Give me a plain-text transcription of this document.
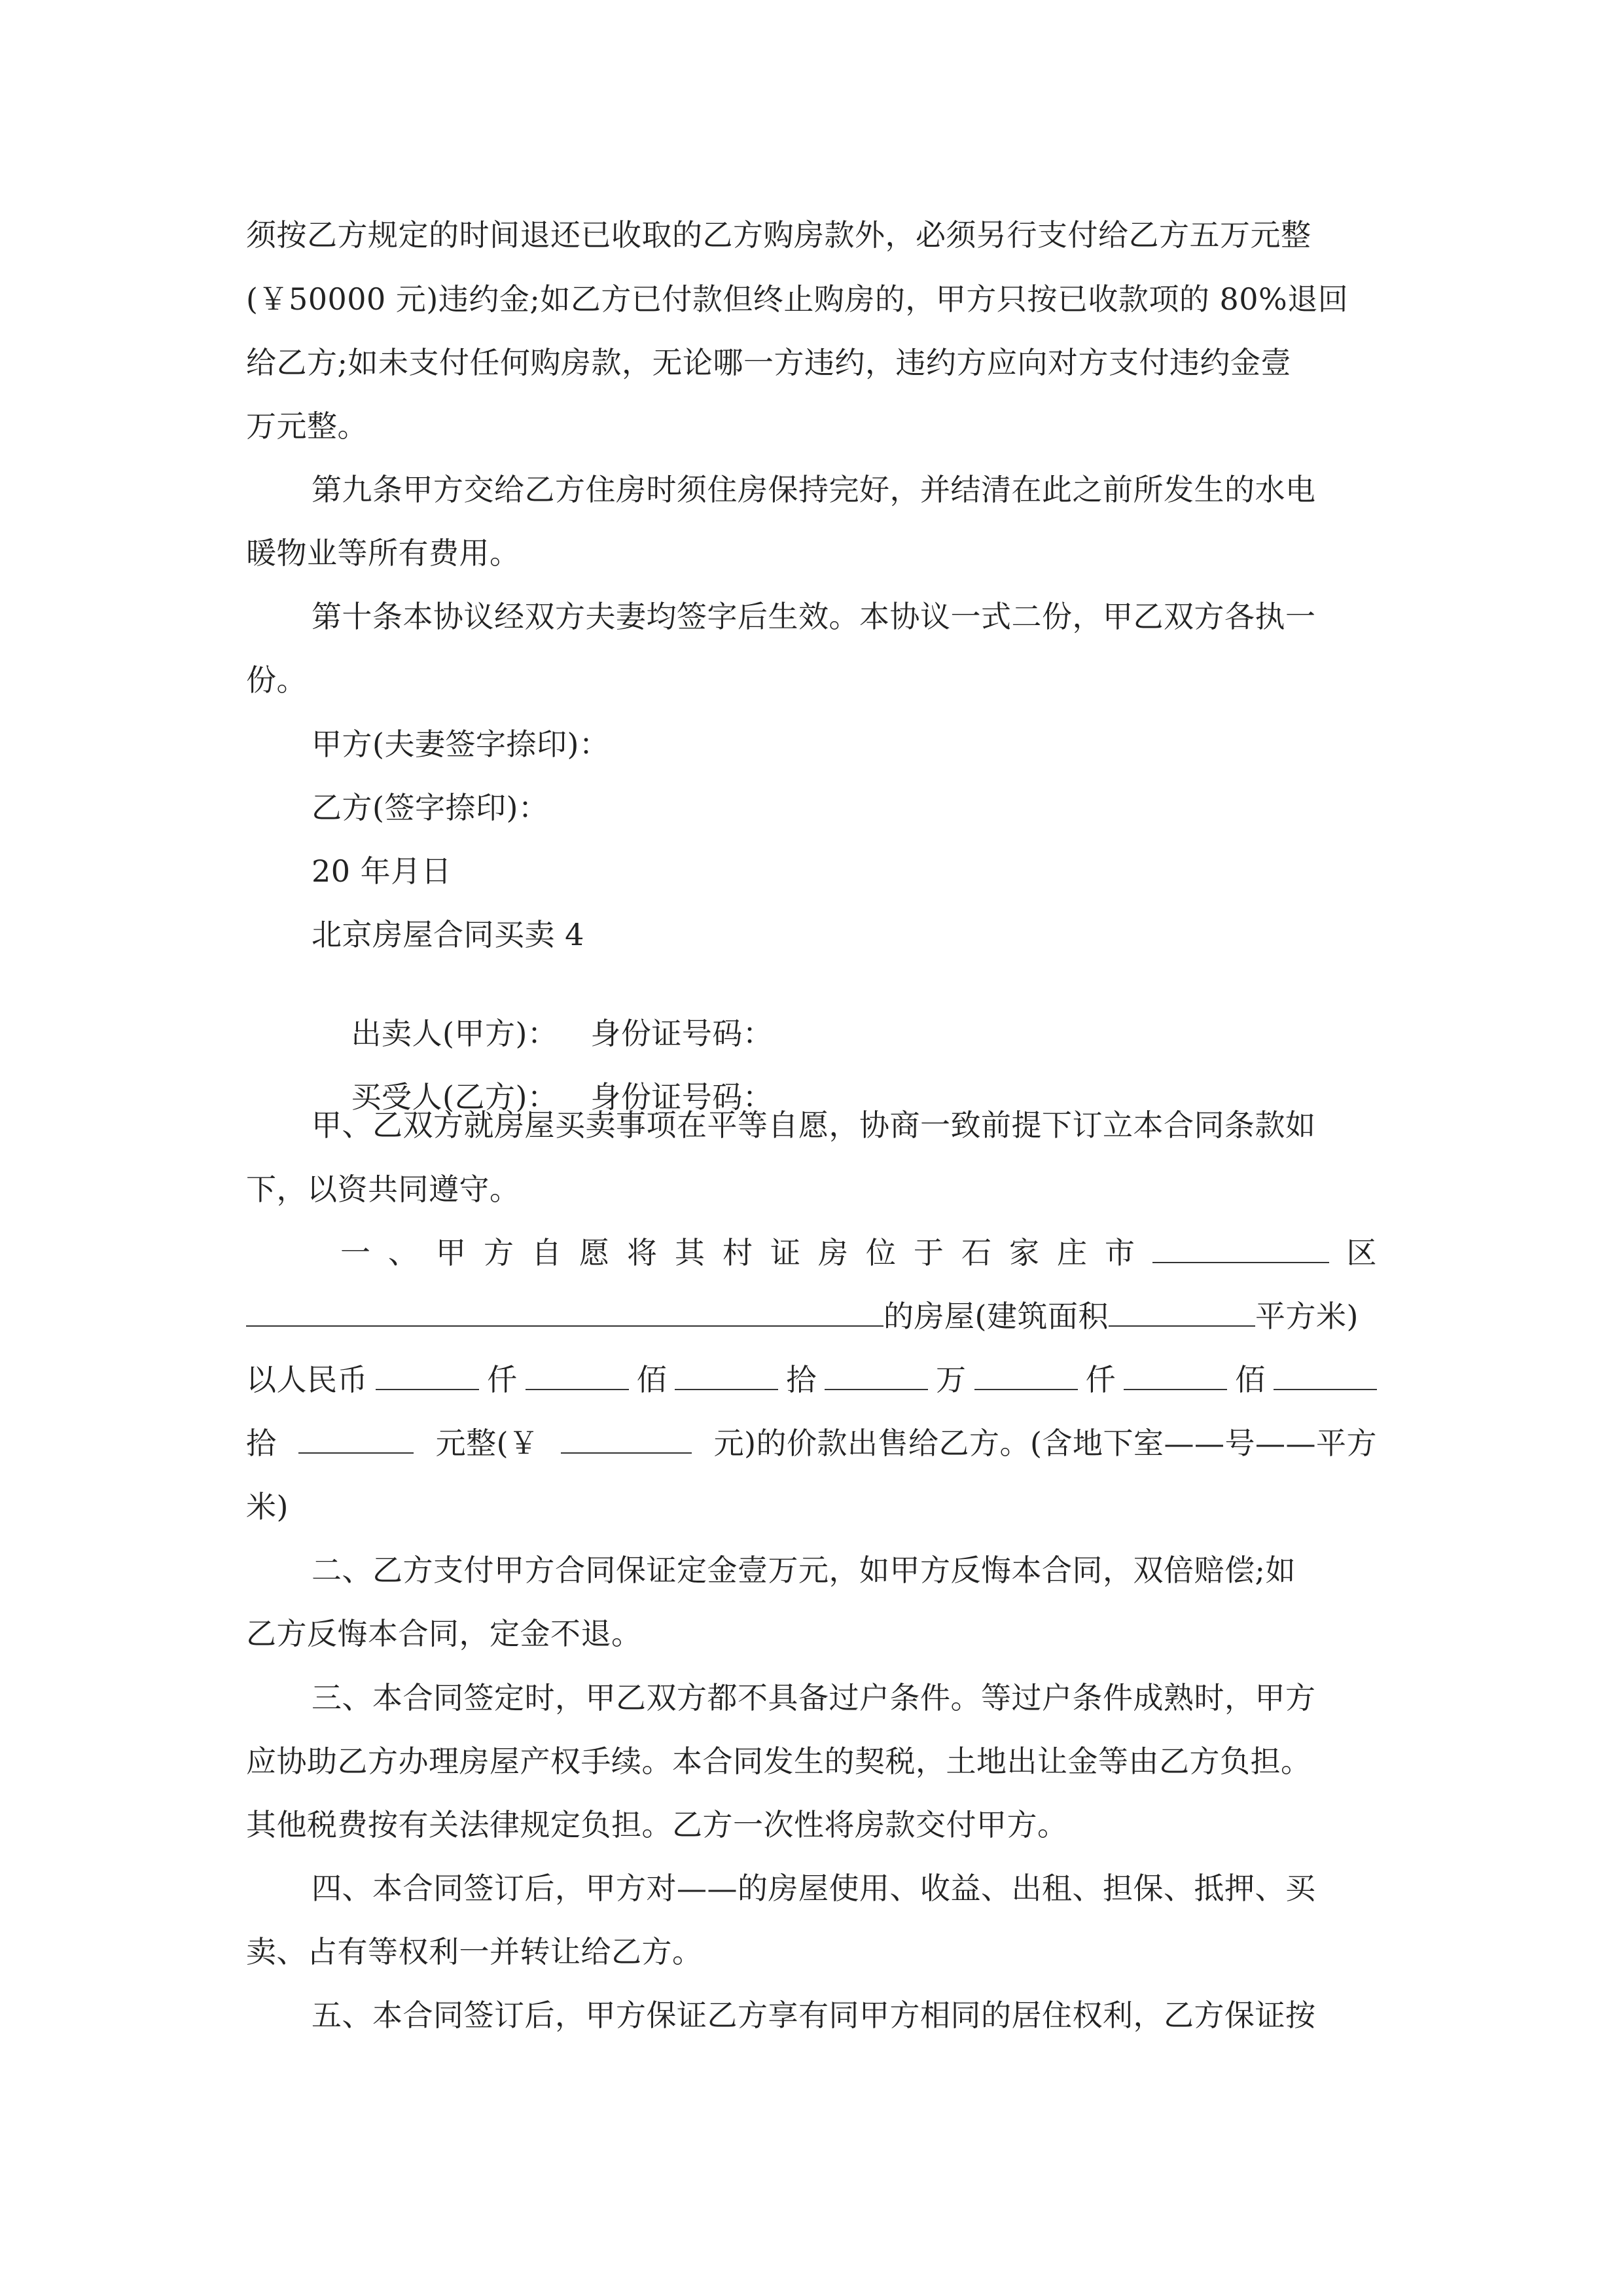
须按乙方规定的时间退还已收取的乙方购房款外，必须另行支付给乙方五万元整
(￥50000 元)违约金;如乙方已付款但终止购房的，甲方只按已收款项的 80%退回
给乙方;如未支付任何购房款，无论哪一方违约，违约方应向对方支付违约金壹
万元整。
第九条甲方交给乙方住房时须住房保持完好，并结清在此之前所发生的水电
暖物业等所有费用。
第十条本协议经双方夫妻均签字后生效。本协议一式二份，甲乙双方各执一
份。
甲方(夫妻签字捺印)：
乙方(签字捺印)：
20 年月日
北京房屋合同买卖 4

出卖人(甲方)： 身份证号码：

买受人(乙方)： 身份证号码：

甲、乙双方就房屋买卖事项在平等自愿，协商一致前提下订立本合同条款如
下，以资共同遵守。
一 、 甲 方 自 愿 将 其 村 证 房 位 于 石 家 庄 市	区
的房屋(建筑面积	平方米)
以人民币	仟	佰	拾	万	仟	佰
拾	元整(￥	元)的价款出售给乙方。(含地下室——号——平方
米)
二、乙方支付甲方合同保证定金壹万元，如甲方反悔本合同，双倍赔偿;如
乙方反悔本合同，定金不退。
三、本合同签定时，甲乙双方都不具备过户条件。等过户条件成熟时，甲方
应协助乙方办理房屋产权手续。本合同发生的契税，土地出让金等由乙方负担。
其他税费按有关法律规定负担。乙方一次性将房款交付甲方。
四、本合同签订后，甲方对——的房屋使用、收益、出租、担保、抵押、买
卖、占有等权利一并转让给乙方。
五、本合同签订后，甲方保证乙方享有同甲方相同的居住权利，乙方保证按
